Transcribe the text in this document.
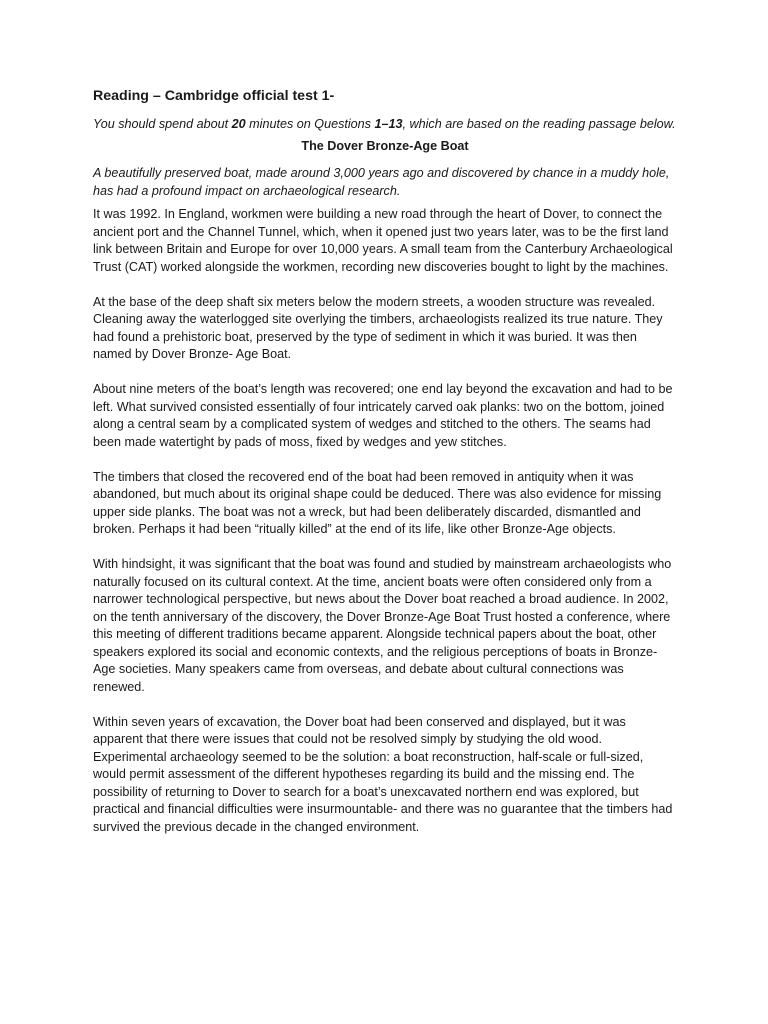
Reading – Cambridge official test 1-

You should spend about 20 minutes on Questions 1–13, which are based on the reading passage below.

The Dover Bronze-Age Boat

A beautifully preserved boat, made around 3,000 years ago and discovered by chance in a muddy hole, has had a profound impact on archaeological research.

It was 1992. In England, workmen were building a new road through the heart of Dover, to connect the ancient port and the Channel Tunnel, which, when it opened just two years later, was to be the first land link between Britain and Europe for over 10,000 years. A small team from the Canterbury Archaeological Trust (CAT) worked alongside the workmen, recording new discoveries bought to light by the machines.

At the base of the deep shaft six meters below the modern streets, a wooden structure was revealed. Cleaning away the waterlogged site overlying the timbers, archaeologists realized its true nature. They had found a prehistoric boat, preserved by the type of sediment in which it was buried. It was then named by Dover Bronze- Age Boat.

About nine meters of the boat’s length was recovered; one end lay beyond the excavation and had to be left. What survived consisted essentially of four intricately carved oak planks: two on the bottom, joined along a central seam by a complicated system of wedges and stitched to the others. The seams had been made watertight by pads of moss, fixed by wedges and yew stitches.

The timbers that closed the recovered end of the boat had been removed in antiquity when it was abandoned, but much about its original shape could be deduced. There was also evidence for missing upper side planks. The boat was not a wreck, but had been deliberately discarded, dismantled and broken. Perhaps it had been “ritually killed” at the end of its life, like other Bronze-Age objects.

With hindsight, it was significant that the boat was found and studied by mainstream archaeologists who naturally focused on its cultural context. At the time, ancient boats were often considered only from a narrower technological perspective, but news about the Dover boat reached a broad audience. In 2002, on the tenth anniversary of the discovery, the Dover Bronze-Age Boat Trust hosted a conference, where this meeting of different traditions became apparent. Alongside technical papers about the boat, other speakers explored its social and economic contexts, and the religious perceptions of boats in Bronze- Age societies. Many speakers came from overseas, and debate about cultural connections was renewed.

Within seven years of excavation, the Dover boat had been conserved and displayed, but it was apparent that there were issues that could not be resolved simply by studying the old wood. Experimental archaeology seemed to be the solution: a boat reconstruction, half-scale or full-sized, would permit assessment of the different hypotheses regarding its build and the missing end. The possibility of returning to Dover to search for a boat’s unexcavated northern end was explored, but practical and financial difficulties were insurmountable- and there was no guarantee that the timbers had survived the previous decade in the changed environment.
